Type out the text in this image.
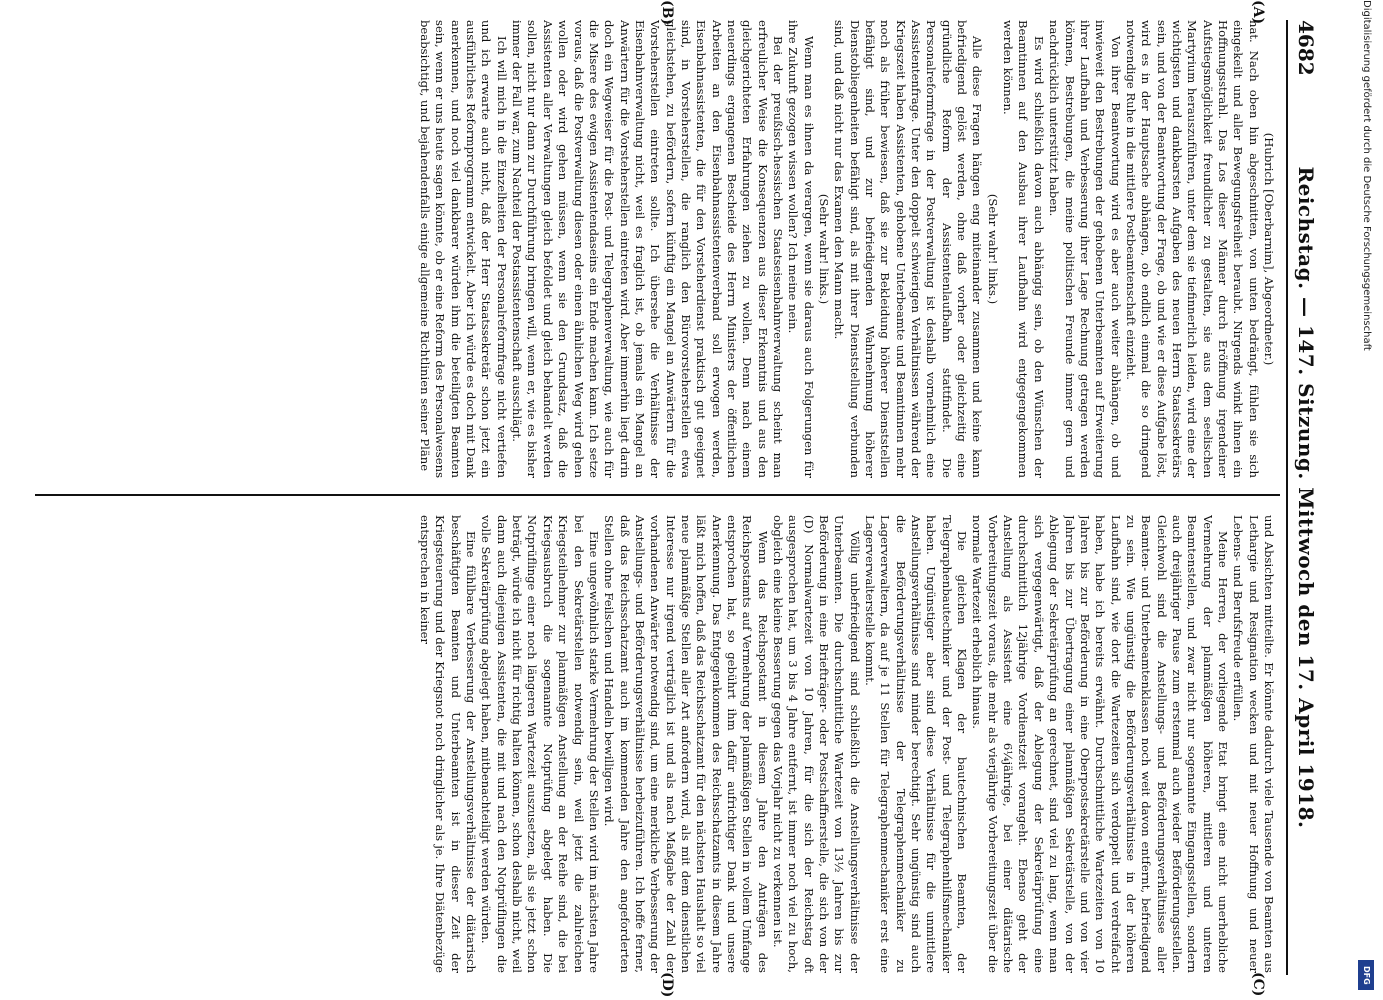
4682
Reichstag. — 147. Sitzung. Mittwoch den 17. April 1918.
(A)
(B)
(C)
(D)

(Hubrich [Oberbarnim], Abgeordneter.)

hat. Nach oben hin abgeschnitten, von unten bedrängt, fühlen sie sich eingekeilt und aller Bewegungsfreiheit beraubt. Nirgends winkt ihnen ein Hoffnungsstrahl. Das Los dieser Männer durch Eröffnung irgendeiner Aufstiegsmöglichkeit freundlicher zu gestalten, sie aus dem seelischen Martyrium herauszuführen, unter dem sie tiefinnerlich leiden, wird eine der wichtigsten und dankbarsten Aufgaben des neuen Herrn Staatssekretärs sein, und von der Beantwortung der Frage, ob und wie er diese Aufgabe löst, wird es in der Hauptsache abhängen, ob endlich einmal die so dringend notwendige Ruhe in die mittlere Postbeamtenschaft einzieht.

Von ihrer Beantwortung wird es aber auch weiter abhängen, ob und inwieweit den Bestrebungen der gehobenen Unterbeamten auf Erweiterung ihrer Laufbahn und Verbesserung ihrer Lage Rechnung getragen werden können, Bestrebungen, die meine politischen Freunde immer gern und nachdrücklich unterstützt haben.

Es wird schließlich davon auch abhängig sein, ob den Wünschen der Beamtinnen auf den Ausbau ihrer Laufbahn wird entgegengekommen werden können.

(Sehr wahr! links.)

Alle diese Fragen hängen eng miteinander zusammen und keine kann befriedigend gelöst werden, ohne daß vorher oder gleichzeitig eine gründliche Reform der Assistentenlaufbahn stattfindet. Die Personalreformfrage in der Postverwaltung ist deshalb vornehmlich eine Assistentenfrage. Unter den doppelt schwierigen Verhältnissen während der Kriegszeit haben Assistenten, gehobene Unterbeamte und Beamtinnen mehr noch als früher bewiesen, daß sie zur Bekleidung höherer Dienststellen befähigt sind, und zur befriedigenden Wahrnehmung höherer Dienstobliegenheiten befähigt sind, als mit ihrer Dienststellung verbunden sind, und daß nicht nur das Examen den Mann macht.

(Sehr wahr! links.)

Wenn man es ihnen da verargen, wenn sie daraus auch Folgerungen für ihre Zukunft gezogen wissen wollen? Ich meine nein.

Bei der preußisch-hessischen Staatseisenbahnverwaltung scheint man erfreulicher Weise die Konsequenzen aus dieser Erkenntnis und aus den gleichgerichteten Erfahrungen ziehen zu wollen. Denn nach einem neuerdings ergangenen Bescheide des Herrn Ministers der öffentlichen Arbeiten an den Eisenbahnassistentenverband soll erwogen werden, Eisenbahnassistenten, die für den Vorsteherdienst praktisch gut geeignet sind, in Vorsteherstellen, die ranglich den Bürovorsteherstellen etwa gleichstehen, zu befördern, sofern künftig ein Mangel an Anwärtern für die Vorsteherstellen eintreten sollte. Ich übersehe die Verhältnisse der Eisenbahnverwaltung nicht, weil es fraglich ist, ob jemals ein Mangel an Anwärtern für die Vorsteherstellen eintreten wird. Aber immerhin liegt darin doch ein Wegweiser für die Post- und Telegraphenverwaltung, wie auch für die Misere des ewigen Assistentendaseins ein Ende machen kann. Ich setze voraus, daß die Postverwaltung diesen oder einen ähnlichen Weg wird gehen wollen oder wird gehen müssen, wenn sie den Grundsatz, daß die Assistenten aller Verwaltungen gleich befoldet und gleich behandelt werden sollen, nicht nur dann zur Durchführung bringen will, wenn er, wie es bisher immer der Fall war, zum Nachteil der Postassistentenschaft ausschlägt.

Ich will mich in die Einzelheiten der Personalreformfrage nicht vertiefen und ich erwarte auch nicht, daß der Herr Staatssekretär schon jetzt ein ausführliches Reformprogramm entwickelt. Aber ich würde es doch mit Dank anerkennen, und noch viel dankbarer würden ihm die beteiligten Beamten sein, wenn er uns heute sagen könnte, ob er eine Reform des Personalwesens beabsichtigt, und bejahendenfalls einige allgemeine Richtlinien seiner Pläne

und Absichten mitteilte. Er könnte dadurch viele Tausende von Beamten aus Lethargie und Resignation wecken und mit neuer Hoffnung und neuer Lebens- und Berufsfreude erfüllen.

Meine Herren, der vorliegende Etat bringt eine nicht unerhebliche Vermehrung der planmäßigen höheren, mittleren und unteren Beamtenstellen, und zwar nicht nur sogenannte Eingangsstellen, sondern auch dreijähriger Pause zum erstenmal auch wieder Beförderungsstellen. Gleichwohl sind die Anstellungs- und Beförderungsverhältnisse aller Beamten- und Unterbeamtenklassen noch weit davon entfernt, befriedigend zu sein. Wie ungünstig die Beförderungsverhältnisse in der höheren Laufbahn sind, wie dort die Wartezeiten sich verdoppelt und verdreifacht haben, habe ich bereits erwähnt. Durchschnittliche Wartezeiten von 10 Jahren bis zur Beförderung in eine Oberpostsekretärstelle und von vier Jahren bis zur Übertragung einer planmäßigen Sekretärstelle, von der Ablegung der Sekretärprüfung an gerechnet, sind viel zu lang, wenn man sich vergegenwärtigt, daß der Ablegung der Sekretärprüfung eine durchschnittlich 12jährige Vordienstzeit vorangeht. Ebenso geht der Anstellung als Assistent eine 6¼jährige, bei einer diätarische Vorbereitungszeit voraus, die mehr als vierjährige Vorbereitungszeit über die normale Wartezeit erheblich hinaus.

Die gleichen Klagen der bautechnischen Beamten, der Telegraphenbautechniker und der Post- und Telegraphenhilfsmechaniker haben. Ungünstiger aber sind diese Verhältnisse für die unmittlere Anstellungsverhältnisse sind minder berechtigt. Sehr ungünstig sind auch die Beförderungsverhältnisse der Telegraphenmechaniker zu Lagerverwaltern, da auf je 11 Stellen für Telegraphenmechaniker erst eine Lagerverwalterstelle kommt.

Völlig unbefriedigend sind schließlich die Anstellungsverhältnisse der Unterbeamten. Die durchschnittliche Wartezeit von 13½ Jahren bis zur Beförderung in eine Briefträger- oder Postschaffnerstelle, die sich von der (D) Normalwartezeit von 10 Jahren, für die sich der Reichstag oft ausgesprochen hat, um 3 bis 4 Jahre entfernt, ist immer noch viel zu hoch, obgleich eine kleine Besserung gegen das Vorjahr nicht zu verkennen ist.

Wenn das Reichspostamt in diesem Jahre den Anträgen des Reichspostamts auf Vermehrung der planmäßigen Stellen in vollem Umfange entsprochen hat, so gebührt ihm dafür aufrichtiger Dank und unsere Anerkennung. Das Entgegenkommen des Reichsschatzamts in diesem Jahre läßt mich hoffen, daß das Reichsschatzamt für den nächsten Haushalt so viel neue planmäßige Stellen aller Art anfordern wird, als mit dem dienstlichen Interesse nur irgend verträglich ist und als nach Maßgabe der Zahl der vorhandenen Anwärter notwendig sind, um eine merkliche Verbesserung der Anstellungs- und Beförderungsverhältnisse herbeizuführen. Ich hoffe ferner, daß das Reichsschatzamt auch im kommenden Jahre den angeforderten Stellen ohne Feilschen und Handeln bewilligen wird.

Eine ungewöhnlich starke Vermehrung der Stellen wird im nächsten Jahre bei den Sekretärstellen notwendig sein, weil jetzt die zahlreichen Kriegsteilnehmer zur planmäßigen Anstellung an der Reihe sind, die bei Kriegsausbruch die sogenannte Notprüfung abgelegt haben. Die Notprüflinge einer noch längeren Wartezeit auszusetzen, als sie jetzt schon beträgt, würde ich nicht für richtig halten können, schon deshalb nicht, weil dann auch diejenigen Assistenten, die mit und nach den Notprüflingen die volle Sekretärprüfung abgelegt haben, mitbenachteiligt werden würden.

Eine fühlbare Verbesserung der Anstellungsverhältnisse der diätarisch beschäftigten Beamten und Unterbeamten ist in dieser Zeit der Kriegsteuerung und der Kriegsnot noch dringlicher als je. Ihre Diätenbezüge entsprechen in keiner

Digitalisierung gefördert durch die Deutsche Forschungsgemeinschaft
DFG
